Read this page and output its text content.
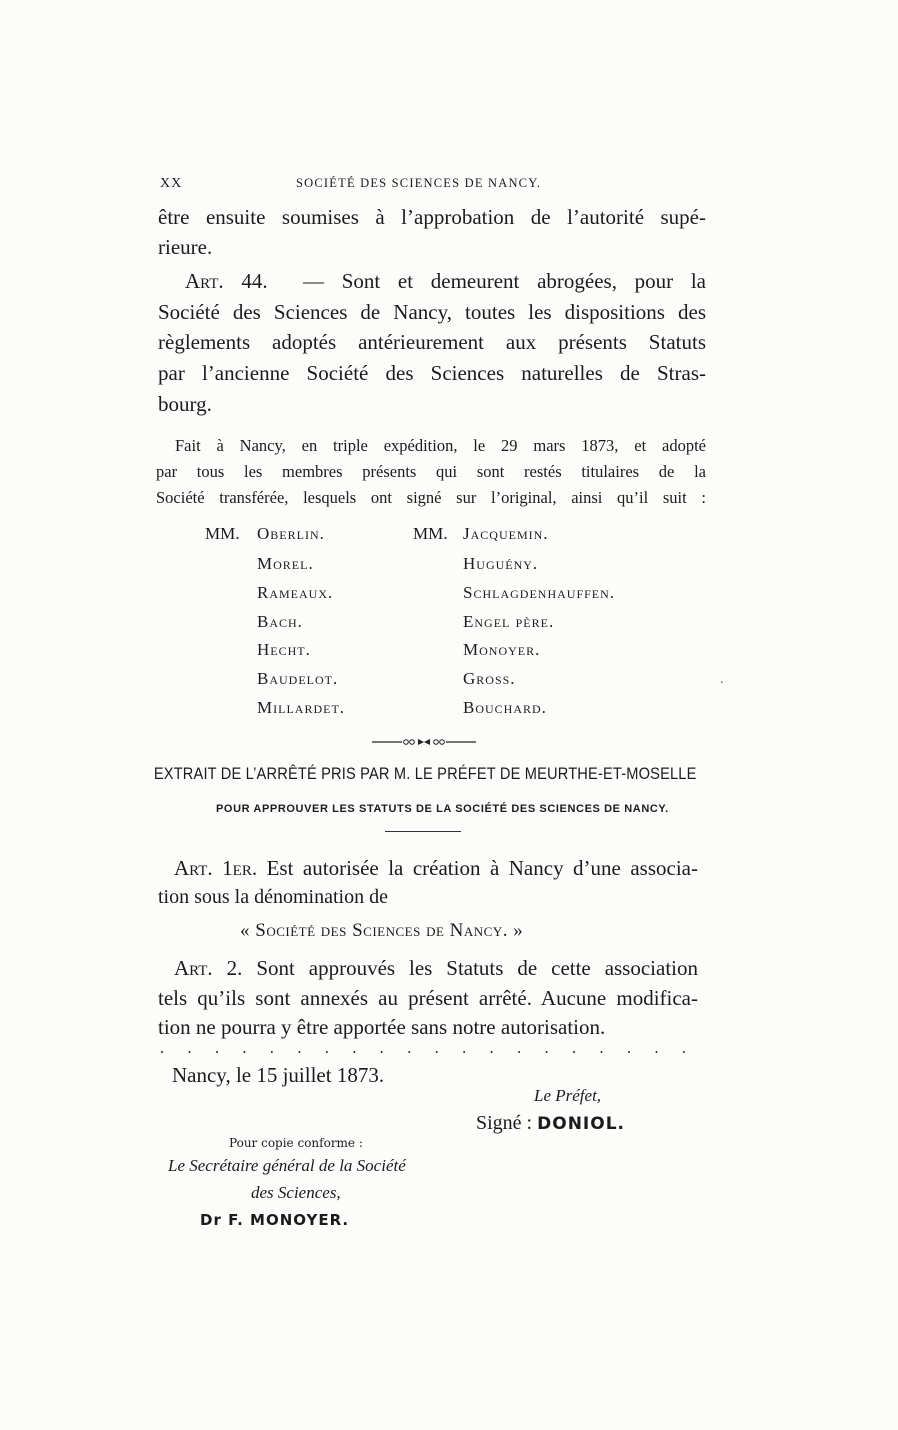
XX	SOCIÉTÉ DES SCIENCES DE NANCY.
être ensuite soumises à l’approbation de l’autorité supé-
rieure.
Art. 44. — Sont et demeurent abrogées, pour la
Société des Sciences de Nancy, toutes les dispositions des
règlements adoptés antérieurement aux présents Statuts
par l’ancienne Société des Sciences naturelles de Stras-
bourg.
Fait à Nancy, en triple expédition, le 29 mars 1873, et adopté
par tous les membres présents qui sont restés titulaires de la
Société transférée, lesquels ont signé sur l’original, ainsi qu’il suit :
MM.	MM.
Oberlin.
Morel.
Rameaux.
Bach.
Hecht.
Baudelot.
Millardet.
Jacquemin.
Huguény.
Schlagdenhauffen.
Engel père.
Monoyer.
Gross.
Bouchard.
EXTRAIT DE L’ARRÊTÉ PRIS PAR M. LE PRÉFET DE MEURTHE-ET-MOSELLE
POUR APPROUVER LES STATUTS DE LA SOCIÉTÉ DES SCIENCES DE NANCY.
Art. 1er. Est autorisée la création à Nancy d’une associa-
tion sous la dénomination de
« Société des Sciences de Nancy. »
Art. 2. Sont approuvés les Statuts de cette association
tels qu’ils sont annexés au présent arrêté. Aucune modifica-
tion ne pourra y être apportée sans notre autorisation.
. . . . . . . . . . . . . . . . . . . .
Nancy, le 15 juillet 1873.
Le Préfet,
Signé : DONIOL.
Pour copie conforme :
Le Secrétaire général de la Société
des Sciences,
Dr F. MONOYER.
.
